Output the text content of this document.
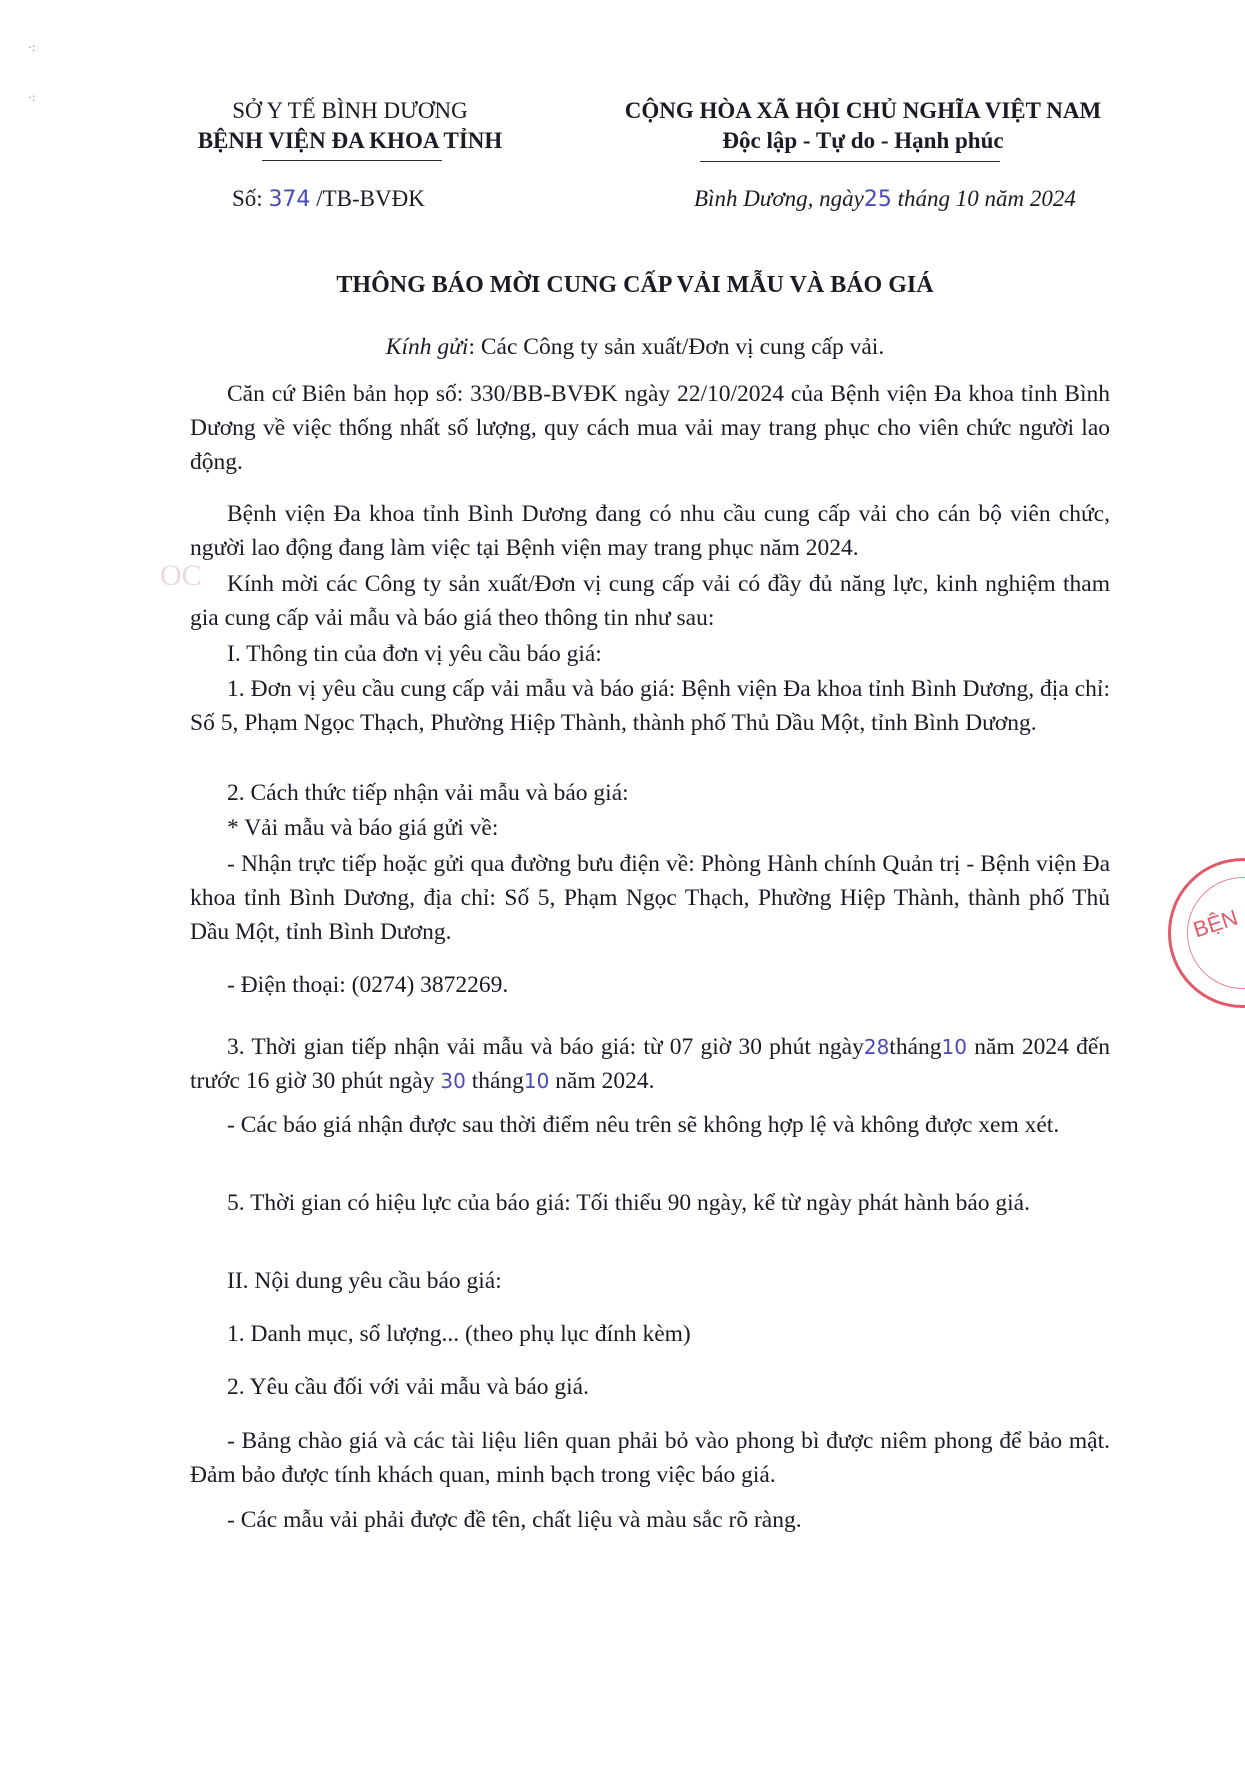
·:
·:
SỞ Y TẾ BÌNH DƯƠNG
BỆNH VIỆN ĐA KHOA TỈNH
CỘNG HÒA XÃ HỘI CHỦ NGHĨA VIỆT NAM
Độc lập - Tự do - Hạnh phúc
Số: 374 /TB-BVĐK	Bình Dương, ngày25 tháng 10 năm 2024
THÔNG BÁO MỜI CUNG CẤP VẢI MẪU VÀ BÁO GIÁ
Kính gửi: Các Công ty sản xuất/Đơn vị cung cấp vải.
OC
Căn cứ Biên bản họp số: 330/BB-BVĐK ngày 22/10/2024 của Bệnh viện Đa khoa tỉnh Bình Dương về việc thống nhất số lượng, quy cách mua vải may trang phục cho viên chức người lao động.
Bệnh viện Đa khoa tỉnh Bình Dương đang có nhu cầu cung cấp vải cho cán bộ viên chức, người lao động đang làm việc tại Bệnh viện may trang phục năm 2024.
Kính mời các Công ty sản xuất/Đơn vị cung cấp vải có đầy đủ năng lực, kinh nghiệm tham gia cung cấp vải mẫu và báo giá theo thông tin như sau:
I. Thông tin của đơn vị yêu cầu báo giá:
1. Đơn vị yêu cầu cung cấp vải mẫu và báo giá: Bệnh viện Đa khoa tỉnh Bình Dương, địa chỉ: Số 5, Phạm Ngọc Thạch, Phường Hiệp Thành, thành phố Thủ Dầu Một, tỉnh Bình Dương.
2. Cách thức tiếp nhận vải mẫu và báo giá:
* Vải mẫu và báo giá gửi về:
- Nhận trực tiếp hoặc gửi qua đường bưu điện về: Phòng Hành chính Quản trị - Bệnh viện Đa khoa tỉnh Bình Dương, địa chỉ: Số 5, Phạm Ngọc Thạch, Phường Hiệp Thành, thành phố Thủ Dầu Một, tỉnh Bình Dương.
- Điện thoại: (0274) 3872269.
3. Thời gian tiếp nhận vải mẫu và báo giá: từ 07 giờ 30 phút ngày28tháng10 năm 2024 đến trước 16 giờ 30 phút ngày 30 tháng10 năm 2024.
- Các báo giá nhận được sau thời điểm nêu trên sẽ không hợp lệ và không được xem xét.
5. Thời gian có hiệu lực của báo giá: Tối thiểu 90 ngày, kể từ ngày phát hành báo giá.
II. Nội dung yêu cầu báo giá:
1. Danh mục, số lượng... (theo phụ lục đính kèm)
2. Yêu cầu đối với vải mẫu và báo giá.
- Bảng chào giá và các tài liệu liên quan phải bỏ vào phong bì được niêm phong để bảo mật. Đảm bảo được tính khách quan, minh bạch trong việc báo giá.
- Các mẫu vải phải được đề tên, chất liệu và màu sắc rõ ràng.
BỆN
